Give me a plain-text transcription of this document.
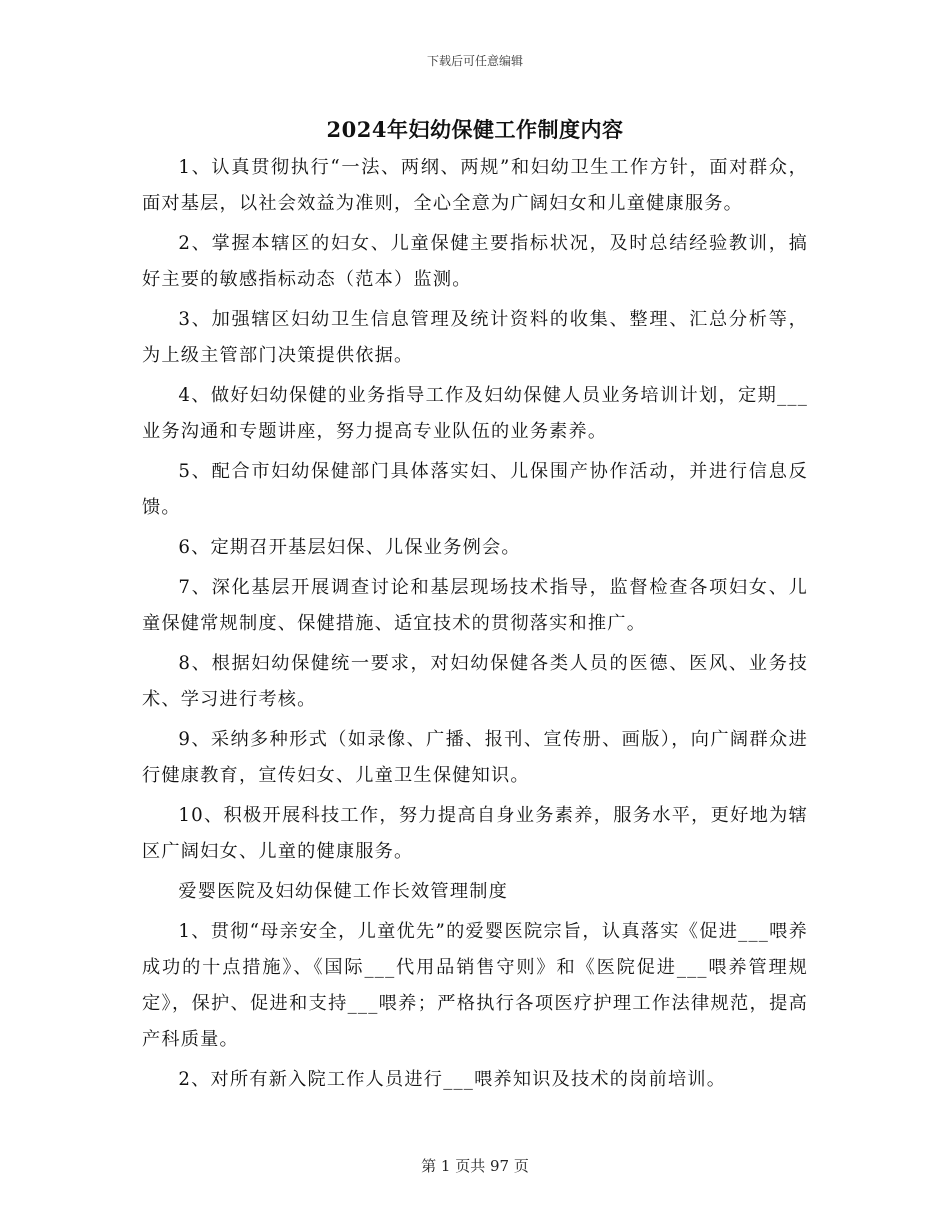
下载后可任意编辑
2024年妇幼保健工作制度内容

1、认真贯彻执行“一法、两纲、两规”和妇幼卫生工作方针，面对群众，面对基层，以社会效益为准则，全心全意为广阔妇女和儿童健康服务。

2、掌握本辖区的妇女、儿童保健主要指标状况，及时总结经验教训，搞好主要的敏感指标动态（范本）监测。

3、加强辖区妇幼卫生信息管理及统计资料的收集、整理、汇总分析等，为上级主管部门决策提供依据。

4、做好妇幼保健的业务指导工作及妇幼保健人员业务培训计划，定期___业务沟通和专题讲座，努力提高专业队伍的业务素养。

5、配合市妇幼保健部门具体落实妇、儿保围产协作活动，并进行信息反馈。

6、定期召开基层妇保、儿保业务例会。

7、深化基层开展调查讨论和基层现场技术指导，监督检查各项妇女、儿童保健常规制度、保健措施、适宜技术的贯彻落实和推广。

8、根据妇幼保健统一要求，对妇幼保健各类人员的医德、医风、业务技术、学习进行考核。

9、采纳多种形式（如录像、广播、报刊、宣传册、画版），向广阔群众进行健康教育，宣传妇女、儿童卫生保健知识。

10、积极开展科技工作，努力提高自身业务素养，服务水平，更好地为辖区广阔妇女、儿童的健康服务。

爱婴医院及妇幼保健工作长效管理制度

1、贯彻“母亲安全，儿童优先”的爱婴医院宗旨，认真落实《促进___喂养成功的十点措施》、《国际___代用品销售守则》和《医院促进___喂养管理规定》，保护、促进和支持___喂养；严格执行各项医疗护理工作法律规范，提高产科质量。

2、对所有新入院工作人员进行___喂养知识及技术的岗前培训。

第 1 页共 97 页
